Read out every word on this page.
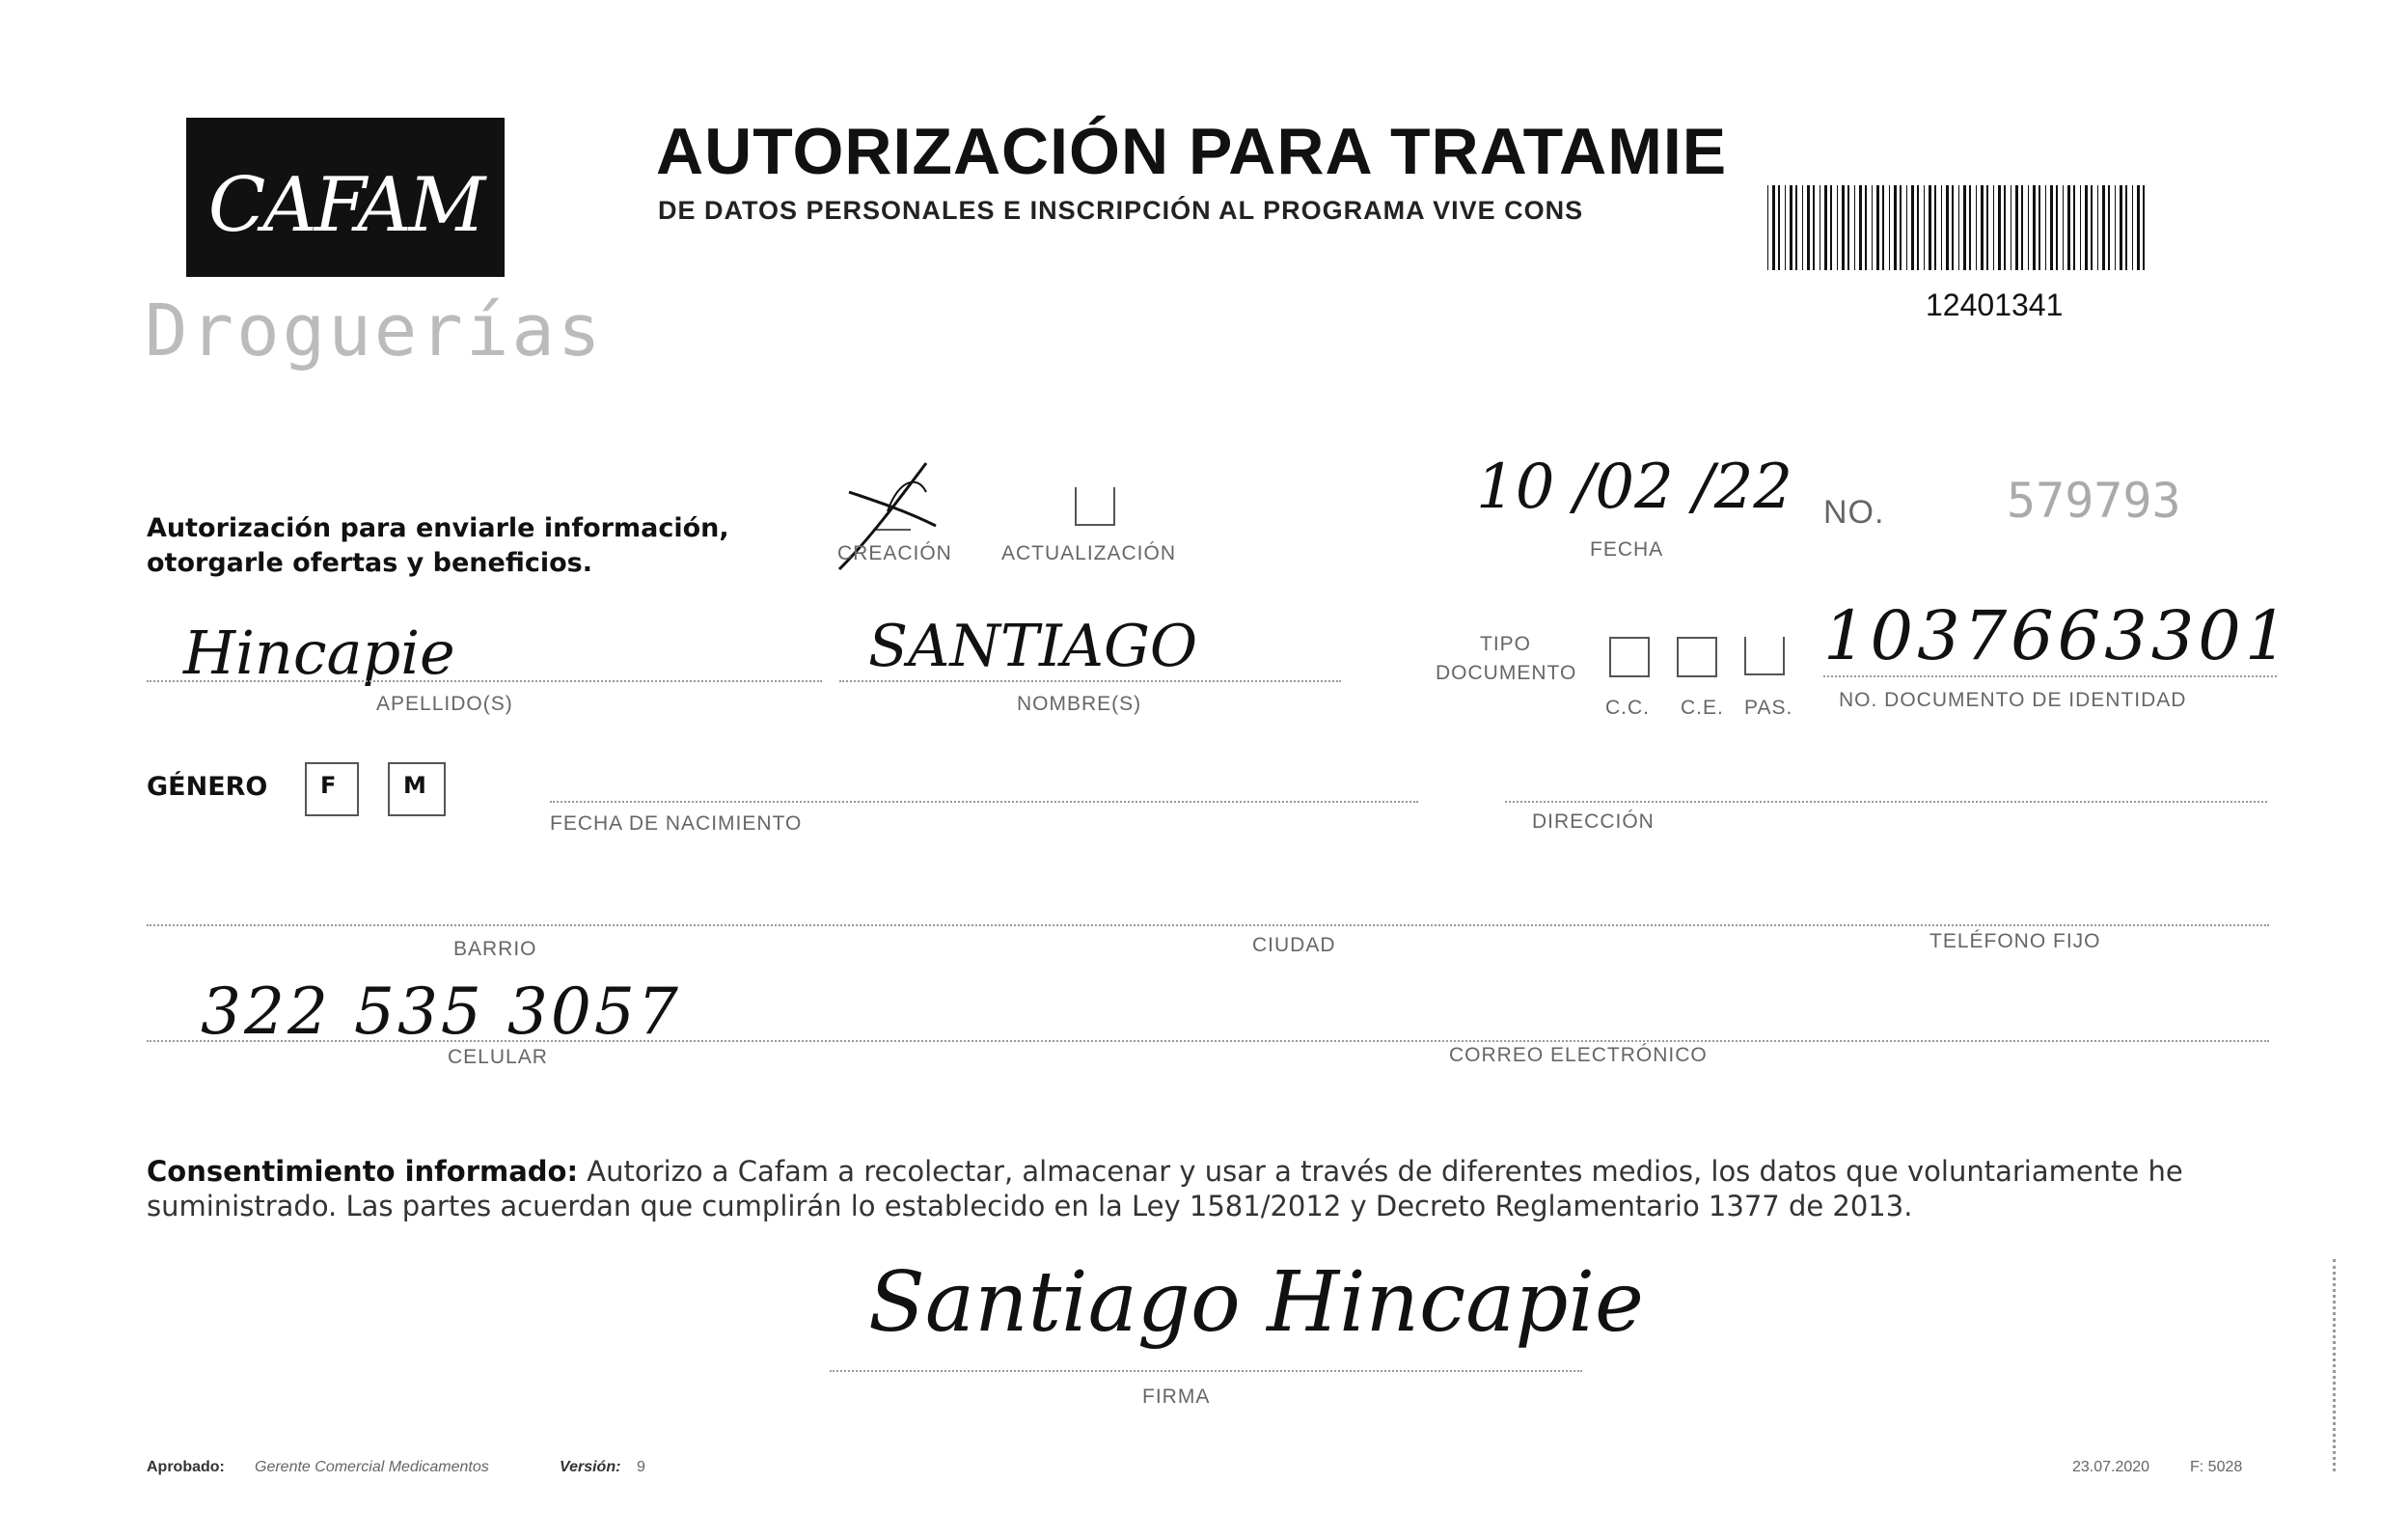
CAFAM
Droguerías
AUTORIZACIÓN PARA TRATAMIE
DE DATOS PERSONALES E INSCRIPCIÓN AL PROGRAMA VIVE CONS
12401341
Autorización para enviarle información,
otorgarle ofertas y beneficios.	CREACIÓN ACTUALIZACIÓN
10 /02 /22
FECHA
NO.	579793
Hincapie
APELLIDO(S)
SANTIAGO
NOMBRE(S)
TIPO
DOCUMENTO
C.C. C.E. PAS.
1037663301
NO. DOCUMENTO DE IDENTIDAD
GÉNERO F	M
FECHA DE NACIMIENTO	DIRECCIÓN
BARRIO	CIUDAD	TELÉFONO FIJO
322 535 3057
CELULAR	CORREO ELECTRÓNICO
Consentimiento informado: Autorizo a Cafam a recolectar, almacenar y usar a través de diferentes medios, los datos que voluntariamente he suministrado. Las partes acuerdan que cumplirán lo establecido en la Ley 1581/2012 y Decreto Reglamentario 1377 de 2013.
Santiago Hincapie
FIRMA
Aprobado: Gerente Comercial Medicamentos	Versión: 9	23.07.2020	F: 5028
